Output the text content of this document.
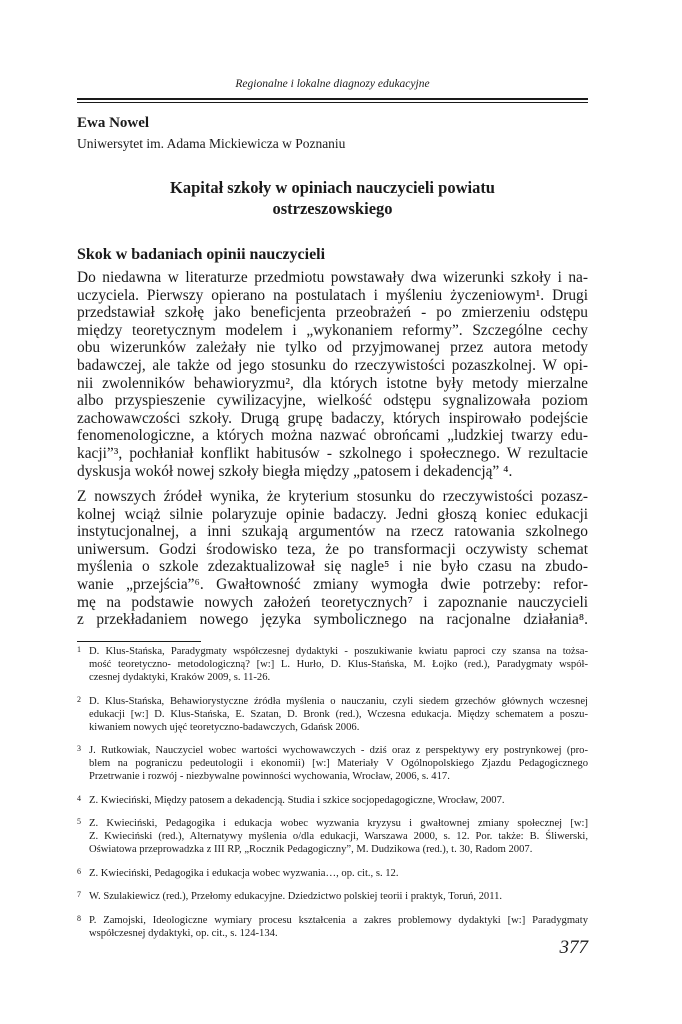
Regionalne i lokalne diagnozy edukacyjne
Ewa Nowel
Uniwersytet im. Adama Mickiewicza w Poznaniu
Kapitał szkoły w opiniach nauczycieli powiatu
ostrzeszowskiego
Skok w badaniach opinii nauczycieli
Do niedawna w literaturze przedmiotu powstawały dwa wizerunki szkoły i na-
uczyciela. Pierwszy opierano na postulatach i myśleniu życzeniowym¹. Drugi
przedstawiał szkołę jako beneficjenta przeobrażeń - po zmierzeniu odstępu
między teoretycznym modelem i „wykonaniem reformy”. Szczególne cechy
obu wizerunków zależały nie tylko od przyjmowanej przez autora metody
badawczej, ale także od jego stosunku do rzeczywistości pozaszkolnej. W opi-
nii zwolenników behawioryzmu², dla których istotne były metody mierzalne
albo przyspieszenie cywilizacyjne, wielkość odstępu sygnalizowała poziom
zachowawczości szkoły. Drugą grupę badaczy, których inspirowało podejście
fenomenologiczne, a których można nazwać obrońcami „ludzkiej twarzy edu-
kacji”³, pochłaniał konflikt habitusów - szkolnego i społecznego. W rezultacie
dyskusja wokół nowej szkoły biegła między „patosem i dekadencją” ⁴.
Z nowszych źródeł wynika, że kryterium stosunku do rzeczywistości pozasz-
kolnej wciąż silnie polaryzuje opinie badaczy. Jedni głoszą koniec edukacji
instytucjonalnej, a inni szukają argumentów na rzecz ratowania szkolnego
uniwersum. Godzi środowisko teza, że po transformacji oczywisty schemat
myślenia o szkole zdezaktualizował się nagle⁵ i nie było czasu na zbudo-
wanie „przejścia”⁶. Gwałtowność zmiany wymogła dwie potrzeby: refor-
mę na podstawie nowych założeń teoretycznych⁷ i zapoznanie nauczycieli
z przekładaniem nowego języka symbolicznego na racjonalne działania⁸.
1 D. Klus-Stańska, Paradygmaty współczesnej dydaktyki - poszukiwanie kwiatu paproci czy szansa na tożsa-
mość teoretyczno- metodologiczną? [w:] L. Hurło, D. Klus-Stańska, M. Łojko (red.), Paradygmaty współ-
czesnej dydaktyki, Kraków 2009, s. 11-26.
2 D. Klus-Stańska, Behawiorystyczne źródła myślenia o nauczaniu, czyli siedem grzechów głównych wczesnej
edukacji [w:] D. Klus-Stańska, E. Szatan, D. Bronk (red.), Wczesna edukacja. Między schematem a poszu-
kiwaniem nowych ujęć teoretyczno-badawczych, Gdańsk 2006.
3 J. Rutkowiak, Nauczyciel wobec wartości wychowawczych - dziś oraz z perspektywy ery postrynkowej (pro-
blem na pograniczu pedeutologii i ekonomii) [w:] Materiały V Ogólnopolskiego Zjazdu Pedagogicznego
Przetrwanie i rozwój - niezbywalne powinności wychowania, Wrocław, 2006, s. 417.
4 Z. Kwieciński, Między patosem a dekadencją. Studia i szkice socjopedagogiczne, Wrocław, 2007.
5 Z. Kwieciński, Pedagogika i edukacja wobec wyzwania kryzysu i gwałtownej zmiany społecznej [w:]
Z. Kwieciński (red.), Alternatywy myślenia o/dla edukacji, Warszawa 2000, s. 12. Por. także: B. Śliwerski,
Oświatowa przeprowadzka z III RP, „Rocznik Pedagogiczny”, M. Dudzikowa (red.), t. 30, Radom 2007.
6 Z. Kwieciński, Pedagogika i edukacja wobec wyzwania…, op. cit., s. 12.
7 W. Szulakiewicz (red.), Przełomy edukacyjne. Dziedzictwo polskiej teorii i praktyk, Toruń, 2011.
8 P. Zamojski, Ideologiczne wymiary procesu kształcenia a zakres problemowy dydaktyki [w:] Paradygmaty
współczesnej dydaktyki, op. cit., s. 124-134.
377
